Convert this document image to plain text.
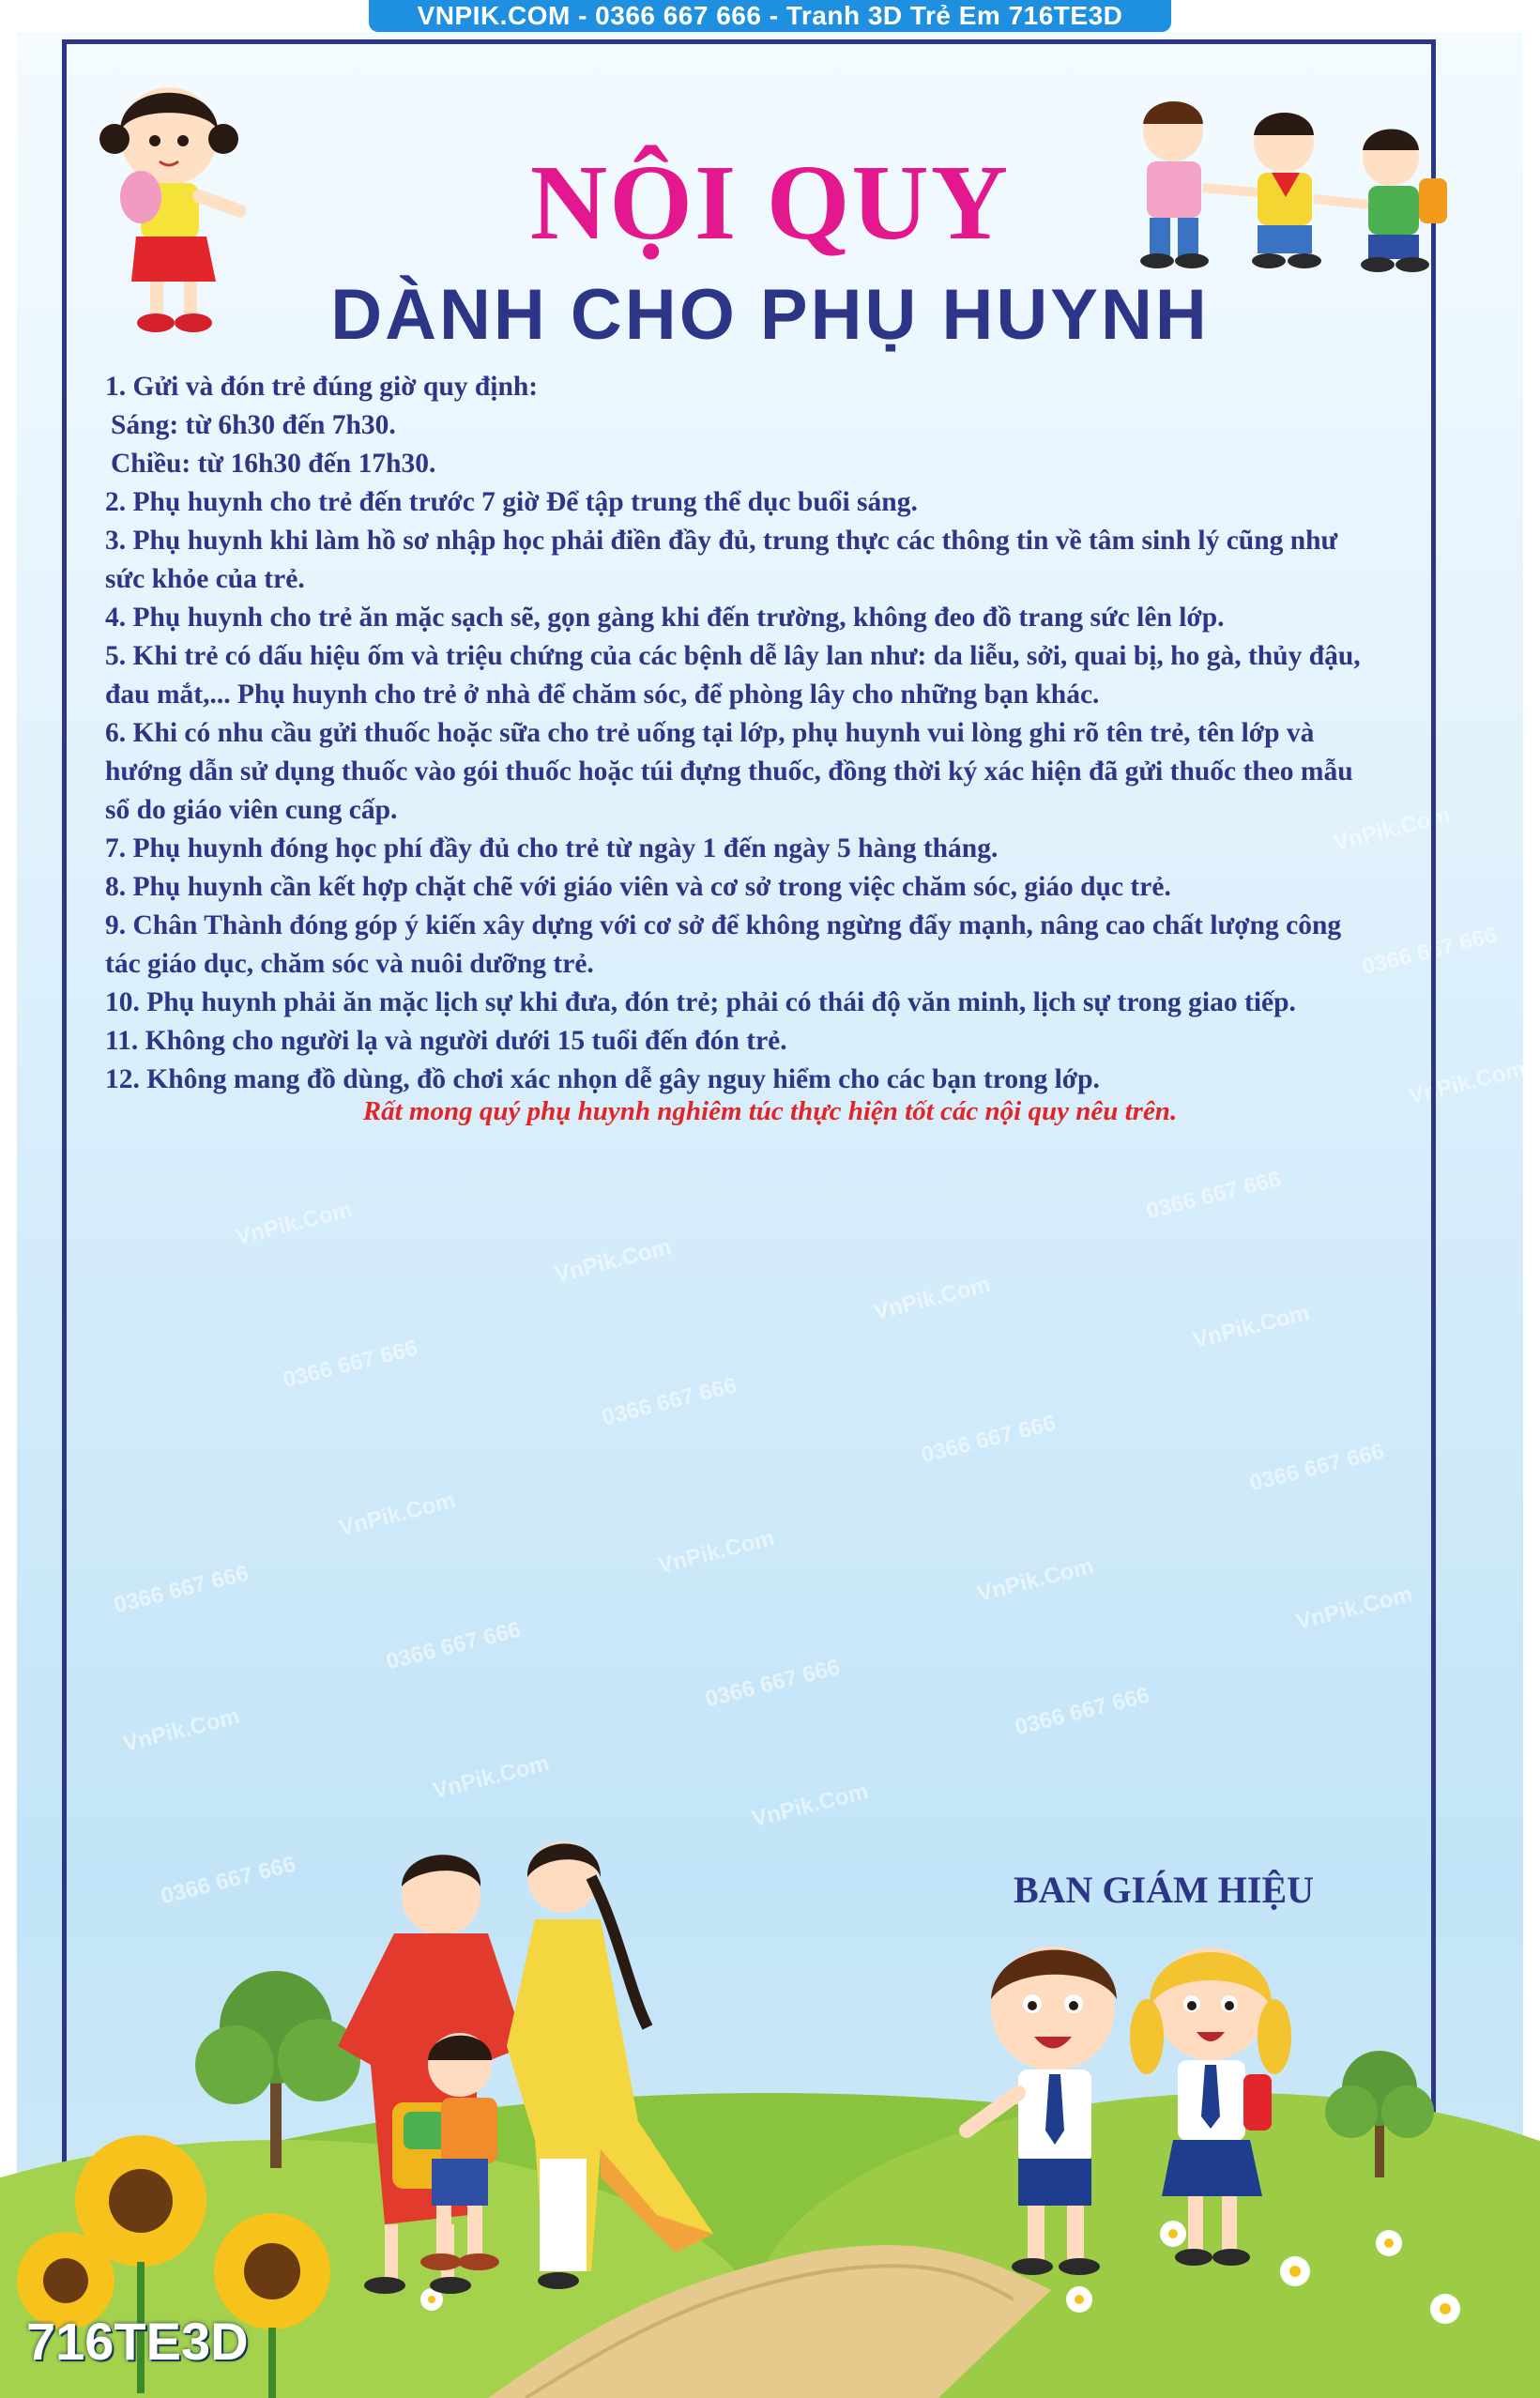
VnPik.Com
VnPik.Com
VnPik.Com
VnPik.Com
0366 667 666
0366 667 666
0366 667 666	0366 667 666
VnPik.Com
VnPik.Com
VnPik.Com
VnPik.Com
0366 667 666
0366 667 666
0366 667 666	0366 667 666
VnPik.Com
VnPik.Com
VnPik.Com
0366 667 666
0366 667 666
VnPik.Com
0366 667 666
VnPik.Com
VNPIK.COM - 0366 667 666 - Tranh 3D Trẻ Em 716TE3D
NỘI QUY
DÀNH CHO PHỤ HUYNH
1. Gửi và đón trẻ đúng giờ quy định:
Sáng: từ 6h30 đến 7h30.
Chiều: từ 16h30 đến 17h30.
2. Phụ huynh cho trẻ đến trước 7 giờ Để tập trung thể dục buổi sáng.
3. Phụ huynh khi làm hồ sơ nhập học phải điền đầy đủ, trung thực các thông tin về tâm sinh lý cũng như
sức khỏe của trẻ.
4. Phụ huynh cho trẻ ăn mặc sạch sẽ, gọn gàng khi đến trường, không đeo đồ trang sức lên lớp.
5. Khi trẻ có dấu hiệu ốm và triệu chứng của các bệnh dễ lây lan như: da liễu, sởi, quai bị, ho gà, thủy đậu,
đau mắt,... Phụ huynh cho trẻ ở nhà để chăm sóc, để phòng lây cho những bạn khác.
6. Khi có nhu cầu gửi thuốc hoặc sữa cho trẻ uống tại lớp, phụ huynh vui lòng ghi rõ tên trẻ, tên lớp và
hướng dẫn sử dụng thuốc vào gói thuốc hoặc túi đựng thuốc, đồng thời ký xác hiện đã gửi thuốc theo mẫu
sổ do giáo viên cung cấp.
7. Phụ huynh đóng học phí đầy đủ cho trẻ từ ngày 1 đến ngày 5 hàng tháng.
8. Phụ huynh cần kết hợp chặt chẽ với giáo viên và cơ sở trong việc chăm sóc, giáo dục trẻ.
9. Chân Thành đóng góp ý kiến xây dựng với cơ sở để không ngừng đẩy mạnh, nâng cao chất lượng công
tác giáo dục, chăm sóc và nuôi dưỡng trẻ.
10. Phụ huynh phải ăn mặc lịch sự khi đưa, đón trẻ; phải có thái độ văn minh, lịch sự trong giao tiếp.
11. Không cho người lạ và người dưới 15 tuổi đến đón trẻ.
12. Không mang đồ dùng, đồ chơi xác nhọn dễ gây nguy hiểm cho các bạn trong lớp.
Rất mong quý phụ huynh nghiêm túc thực hiện tốt các nội quy nêu trên.
BAN GIÁM HIỆU
716TE3D
